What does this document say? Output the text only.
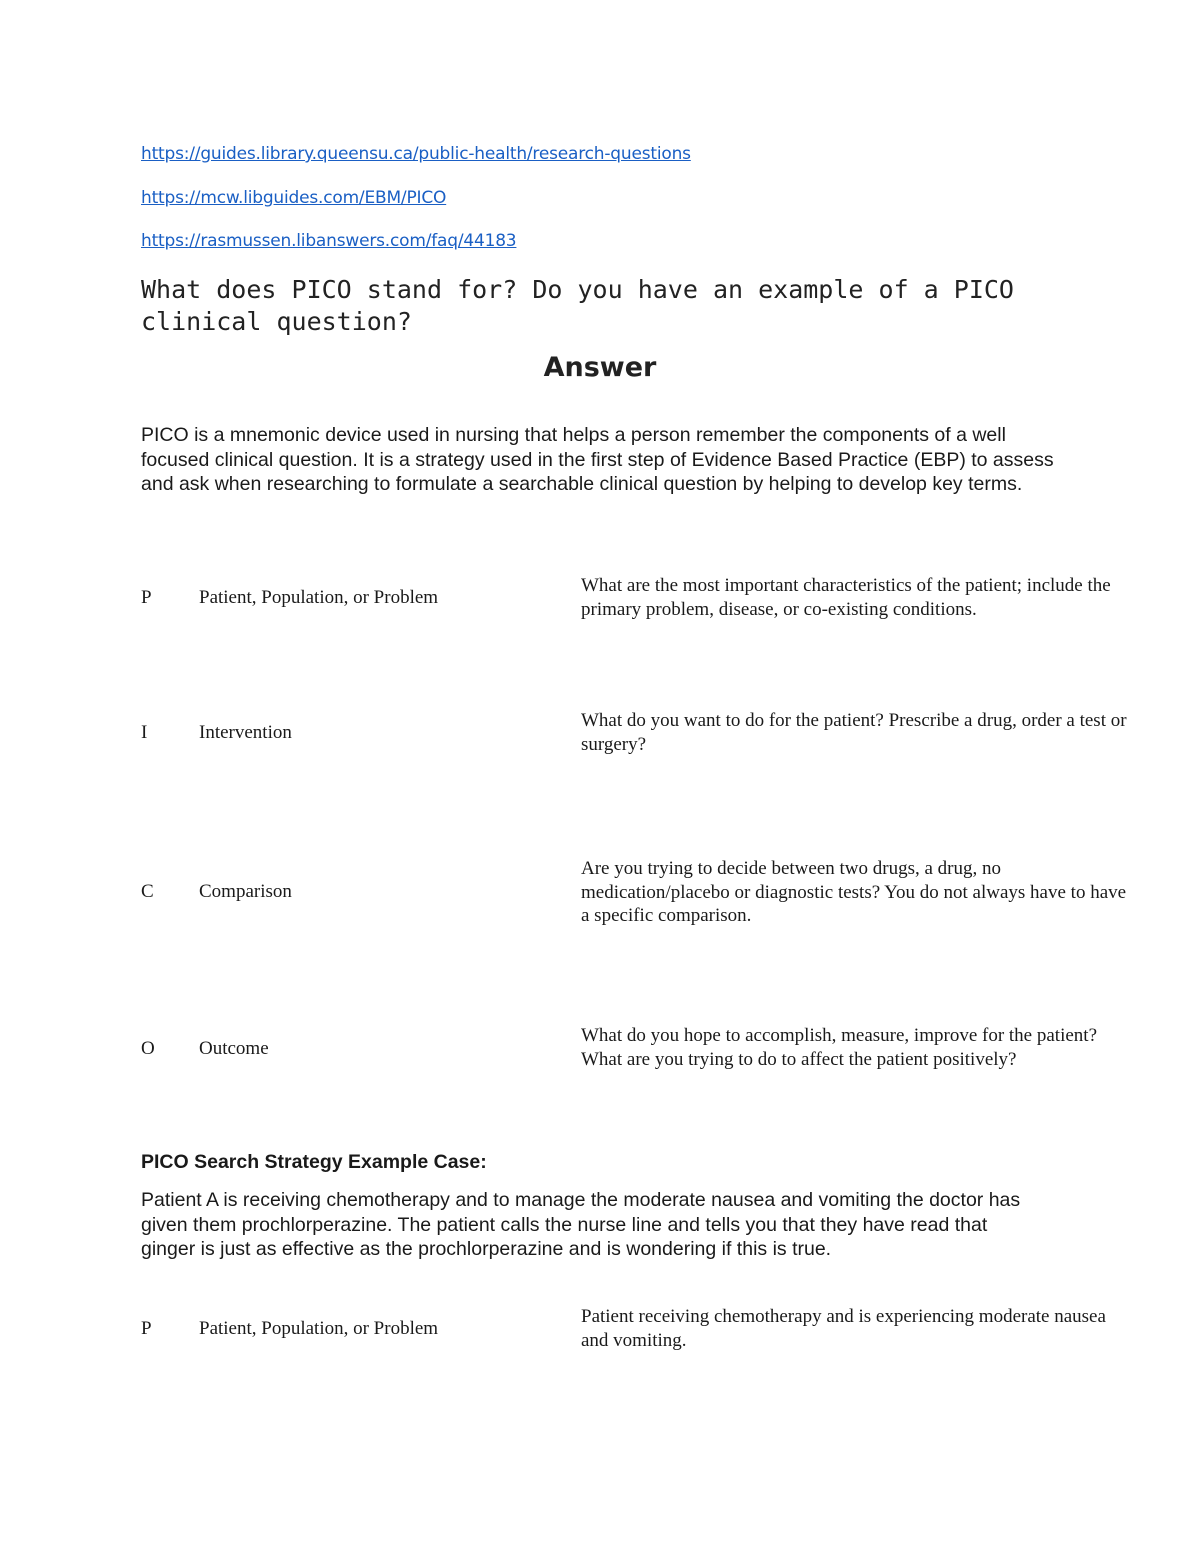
https://guides.library.queensu.ca/public-health/research-questions
https://mcw.libguides.com/EBM/PICO
https://rasmussen.libanswers.com/faq/44183
What does PICO stand for? Do you have an example of a PICO clinical question?
Answer
PICO is a mnemonic device used in nursing that helps a person remember the components of a well focused clinical question. It is a strategy used in the first step of Evidence Based Practice (EBP) to assess and ask when researching to formulate a searchable clinical question by helping to develop key terms.
P Patient, Population, or Problem
What are the most important characteristics of the patient; include the primary problem, disease, or co-existing conditions.
I	Intervention
What do you want to do for the patient? Prescribe a drug, order a test or surgery?
C Comparison
Are you trying to decide between two drugs, a drug, no medication/placebo or diagnostic tests? You do not always have to have a specific comparison.
O Outcome
What do you hope to accomplish, measure, improve for the patient? What are you trying to do to affect the patient positively?
PICO Search Strategy Example Case:
Patient A is receiving chemotherapy and to manage the moderate nausea and vomiting the doctor has given them prochlorperazine. The patient calls the nurse line and tells you that they have read that ginger is just as effective as the prochlorperazine and is wondering if this is true.
P Patient, Population, or Problem
Patient receiving chemotherapy and is experiencing moderate nausea and vomiting.
